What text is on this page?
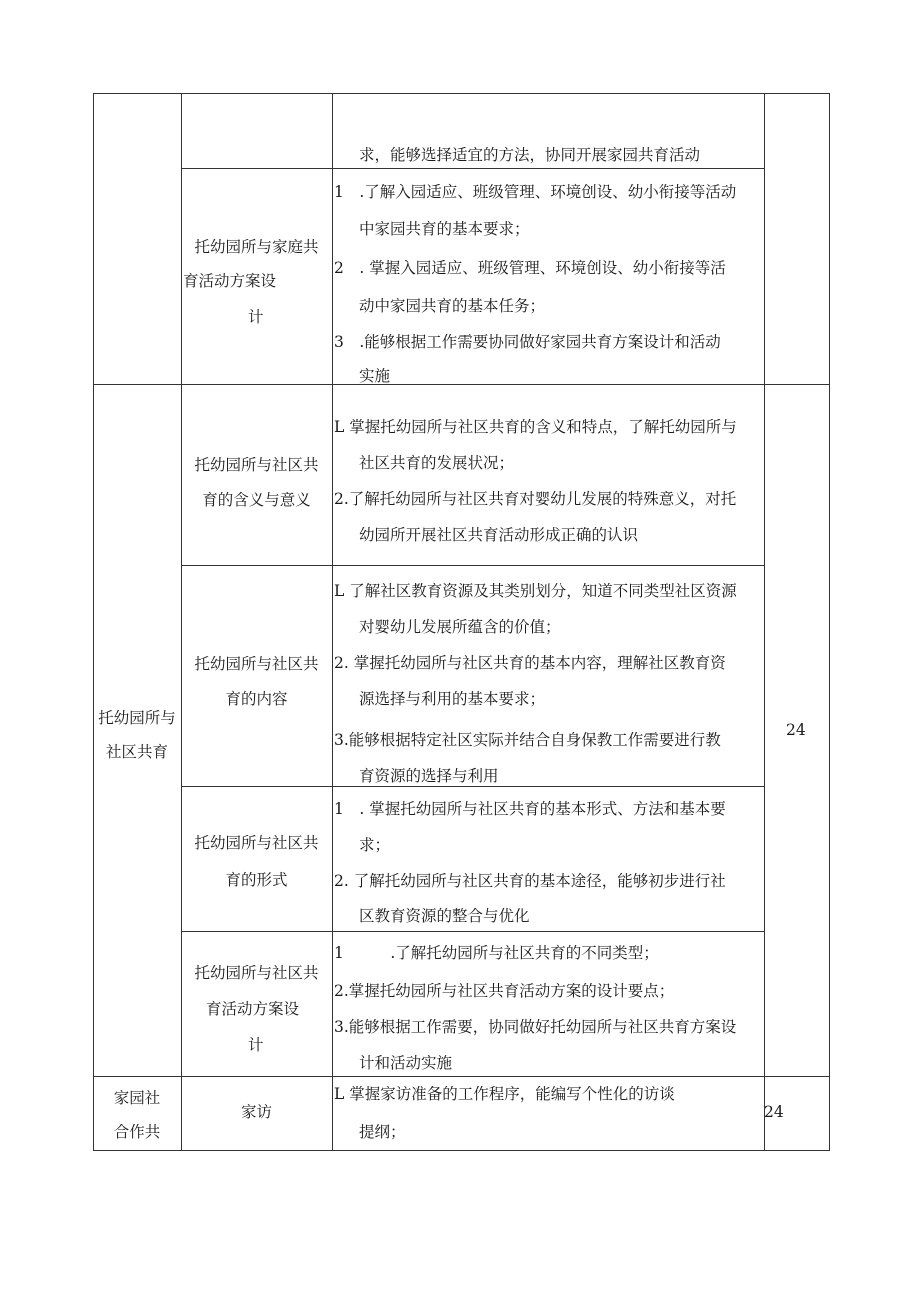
求，能够选择适宜的方法，协同开展家园共育活动
托幼园所与家庭共
育活动方案设
计
1　.了解入园适应、班级管理、环境创设、幼小衔接等活动
中家园共育的基本要求；
2　. 掌握入园适应、班级管理、环境创设、幼小衔接等活
动中家园共育的基本任务；
3　.能够根据工作需要协同做好家园共育方案设计和活动
实施
托幼园所与
社区共育
24
托幼园所与社区共
育的含义与意义
L 掌握托幼园所与社区共育的含义和特点，了解托幼园所与
社区共育的发展状况；
2.了解托幼园所与社区共育对婴幼儿发展的特殊意义，对托
幼园所开展社区共育活动形成正确的认识
托幼园所与社区共
育的内容
L 了解社区教育资源及其类别划分，知道不同类型社区资源
对婴幼儿发展所蕴含的价值；
2. 掌握托幼园所与社区共育的基本内容，理解社区教育资
源选择与利用的基本要求；
3.能够根据特定社区实际并结合自身保教工作需要进行教
育资源的选择与利用
托幼园所与社区共
育的形式
1　. 掌握托幼园所与社区共育的基本形式、方法和基本要
求；
2. 了解托幼园所与社区共育的基本途径，能够初步进行社
区教育资源的整合与优化
托幼园所与社区共
育活动方案设
计
1　　　.了解托幼园所与社区共育的不同类型；
2.掌握托幼园所与社区共育活动方案的设计要点；
3.能够根据工作需要，协同做好托幼园所与社区共育方案设
计和活动实施
家园社
合作共
家访
L 掌握家访准备的工作程序，能编写个性化的访谈
提纲；
24
